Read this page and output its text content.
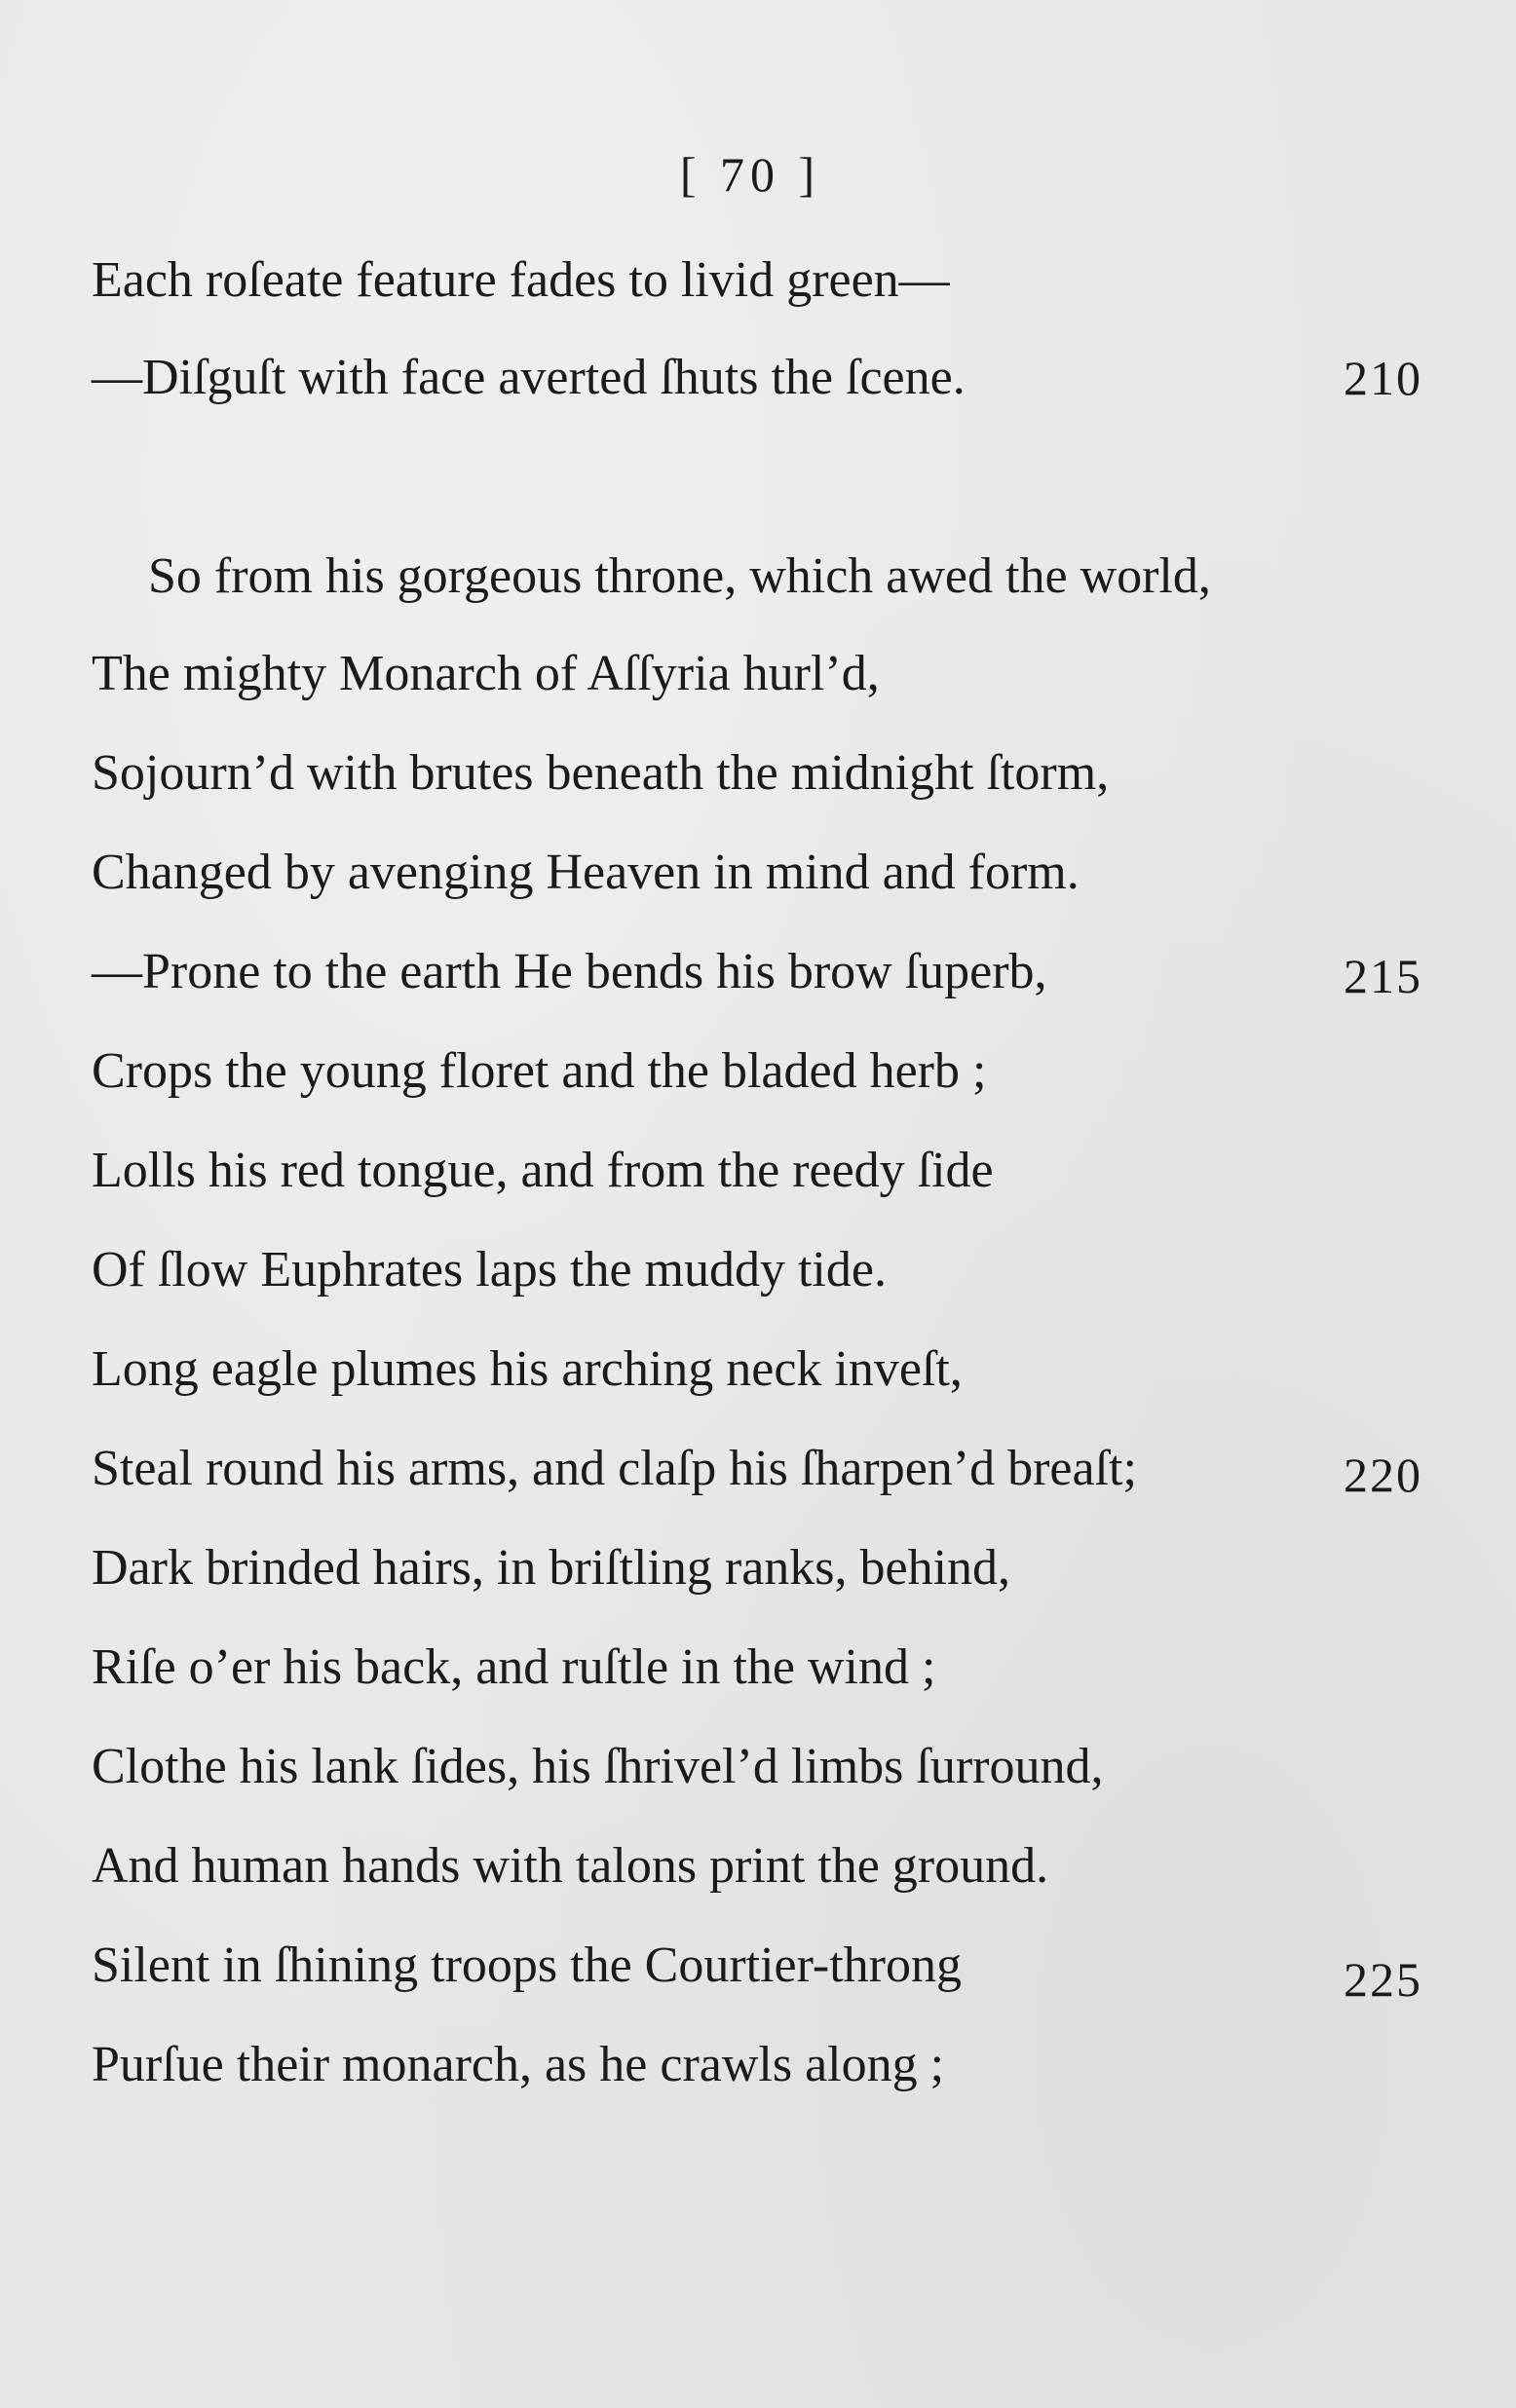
[ 70 ]
Each roſeate feature fades to livid green—
—Diſguſt with face averted ſhuts the ſcene.	210
So from his gorgeous throne, which awed the world,
The mighty Monarch of Aſſyria hurl’d,
Sojourn’d with brutes beneath the midnight ſtorm,
Changed by avenging Heaven in mind and form.
—Prone to the earth He bends his brow ſuperb,	215
Crops the young floret and the bladed herb ;
Lolls his red tongue, and from the reedy ſide
Of ſlow Euphrates laps the muddy tide.
Long eagle plumes his arching neck inveſt,
Steal round his arms, and claſp his ſharpen’d breaſt;	220
Dark brinded hairs, in briſtling ranks, behind,
Riſe o’er his back, and ruſtle in the wind ;
Clothe his lank ſides, his ſhrivel’d limbs ſurround,
And human hands with talons print the ground.
Silent in ſhining troops the Courtier-throng	225
Purſue their monarch, as he crawls along ;
